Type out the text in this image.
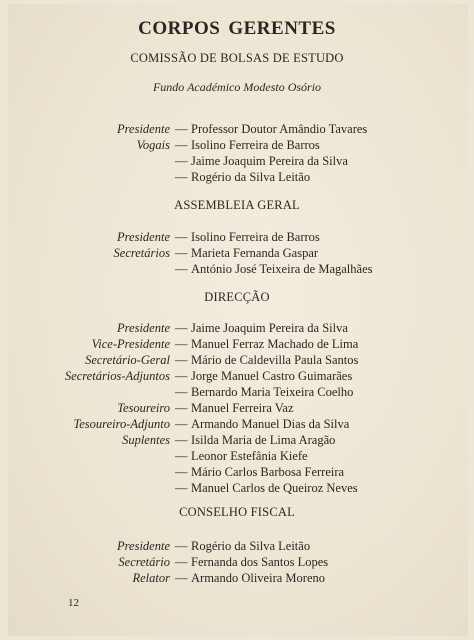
CORPOS GERENTES

COMISSÃO DE BOLSAS DE ESTUDO

Fundo Académico Modesto Osório

Presidente — Professor Doutor Amândio Tavares
Vogais — Isolino Ferreira de Barros
— Jaime Joaquim Pereira da Silva
— Rogério da Silva Leitão
ASSEMBLEIA GERAL
Presidente — Isolino Ferreira de Barros
Secretários — Marieta Fernanda Gaspar
— António José Teixeira de Magalhães
DIRECÇÃO
Presidente — Jaime Joaquim Pereira da Silva
Vice-Presidente — Manuel Ferraz Machado de Lima
Secretário-Geral — Mário de Caldevilla Paula Santos
Secretários-Adjuntos — Jorge Manuel Castro Guimarães
— Bernardo Maria Teixeira Coelho
Tesoureiro — Manuel Ferreira Vaz
Tesoureiro-Adjunto — Armando Manuel Dias da Silva
Suplentes — Isilda Maria de Lima Aragão
— Leonor Estefânia Kiefe
— Mário Carlos Barbosa Ferreira
— Manuel Carlos de Queiroz Neves
CONSELHO FISCAL
Presidente — Rogério da Silva Leitão
Secretário — Fernanda dos Santos Lopes
Relator — Armando Oliveira Moreno
12
